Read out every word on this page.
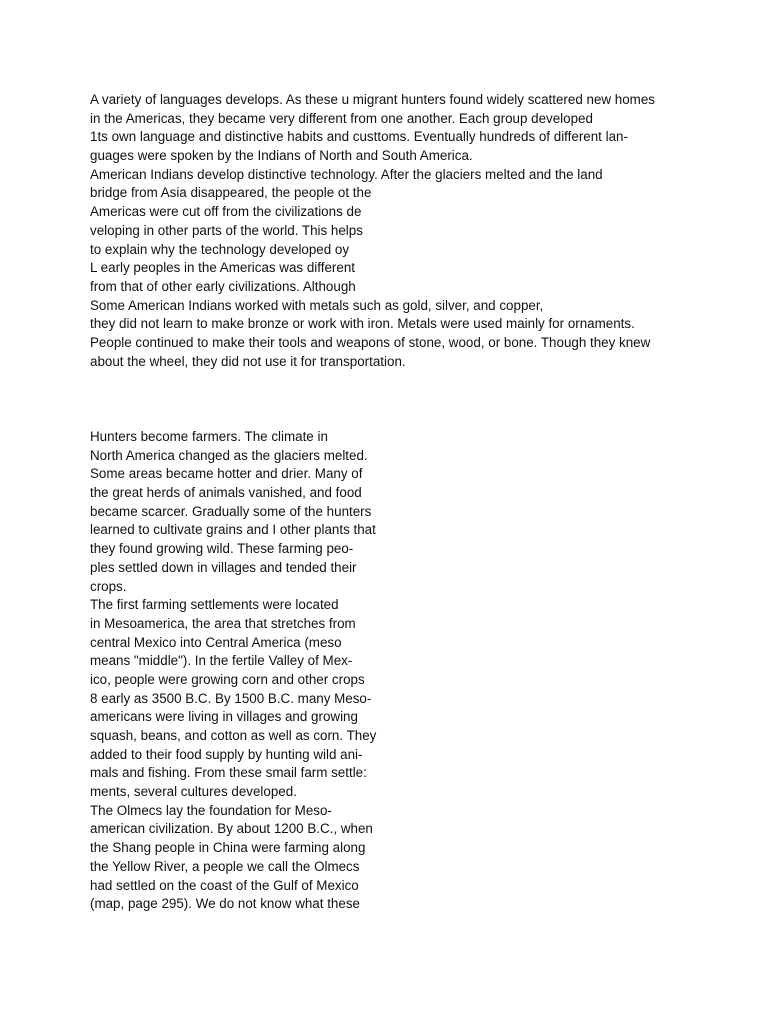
A variety of languages develops. As these u migrant hunters found widely scattered new homes
in the Americas, they became very different from one another. Each group developed
1ts own language and distinctive habits and custtoms. Eventually hundreds of different lan-
guages were spoken by the Indians of North and South America.
American Indians develop distinctive technology. After the glaciers melted and the land
bridge from Asia disappeared, the people ot the
Americas were cut off from the civilizations de
veloping in other parts of the world. This helps
to explain why the technology developed oy
L early peoples in the Americas was different
from that of other early civilizations. Although
Some American Indians worked with metals such as gold, silver, and copper,
they did not learn to make bronze or work with iron. Metals were used mainly for ornaments.
People continued to make their tools and weapons of stone, wood, or bone. Though they knew
about the wheel, they did not use it for transportation.
Hunters become farmers. The climate in
North America changed as the glaciers melted.
Some areas became hotter and drier. Many of
the great herds of animals vanished, and food
became scarcer. Gradually some of the hunters
learned to cultivate grains and I other plants that
they found growing wild. These farming peo-
ples settled down in villages and tended their
crops.
The first farming settlements were located
in Mesoamerica, the area that stretches from
central Mexico into Central America (meso
means "middle"). In the fertile Valley of Mex-
ico, people were growing corn and other crops
8 early as 3500 B.C. By 1500 B.C. many Meso-
americans were living in villages and growing
squash, beans, and cotton as well as corn. They
added to their food supply by hunting wild ani-
mals and fishing. From these smail farm settle:
ments, several cultures developed.
The Olmecs lay the foundation for Meso-
american civilization. By about 1200 B.C., when
the Shang people in China were farming along
the Yellow River, a people we call the Olmecs
had settled on the coast of the Gulf of Mexico
(map, page 295). We do not know what these
